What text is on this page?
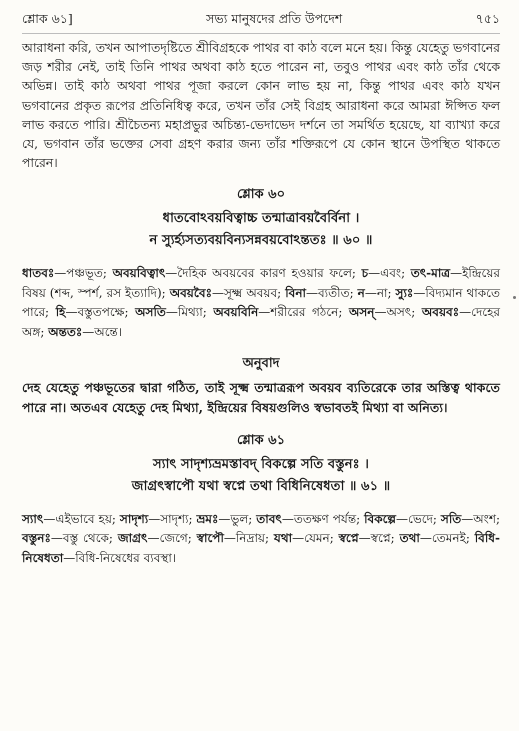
শ্লোক ৬১]	সভ্য মানুষদের প্রতি উপদেশ	৭৫১

আরাধনা করি, তখন আপাতদৃষ্টিতে শ্রীবিগ্রহকে পাথর বা কাঠ বলে মনে হয়। কিন্তু যেহেতু ভগবানের জড় শরীর নেই, তাই তিনি পাথর অথবা কাঠ হতে পারেন না, তবুও পাথর এবং কাঠ তাঁর থেকে অভিন্ন। তাই কাঠ অথবা পাথর পূজা করলে কোন লাভ হয় না, কিন্তু পাথর এবং কাঠ যখন ভগবানের প্রকৃত রূপের প্রতিনিধিত্ব করে, তখন তাঁর সেই বিগ্রহ আরাধনা করে আমরা ঈপ্সিত ফল লাভ করতে পারি। শ্রীচৈতন্য মহাপ্রভুর অচিন্ত্য-ভেদাভেদ দর্শনে তা সমর্থিত হয়েছে, যা ব্যাখ্যা করে যে, ভগবান তাঁর ভক্তের সেবা গ্রহণ করার জন্য তাঁর শক্তিরূপে যে কোন স্থানে উপস্থিত থাকতে পারেন।

শ্লোক ৬০
ধাতবোঽবয়বিত্বাচ্চ তন্মাত্রাবয়বৈর্বিনা ।
ন স্যুর্হ্যসত্যবয়বিন্যসন্নবয়বোঽন্ততঃ ॥ ৬০ ॥
ধাতবঃ—পঞ্চভূত; অবয়বিত্বাৎ—দৈহিক অবয়বের কারণ হওয়ার ফলে; চ—এবং; তৎ-মাত্র—ইন্দ্রিয়ের বিষয় (শব্দ, স্পর্শ, রস ইত্যাদি); অবয়বৈঃ—সূক্ষ্ম অবয়ব; বিনা—ব্যতীত; ন—না; স্যুঃ—বিদ্যমান থাকতে পারে; হি—বস্তুতপক্ষে; অসতি—মিথ্যা; অবয়বিনি—শরীরের গঠনে; অসন্—অসৎ; অবয়বঃ—দেহের অঙ্গ; অন্ততঃ—অন্তে।
অনুবাদ
দেহ যেহেতু পঞ্চভূতের দ্বারা গঠিত, তাই সূক্ষ্ম তন্মাত্ররূপ অবয়ব ব্যতিরেকে তার অস্তিত্ব থাকতে পারে না। অতএব যেহেতু দেহ মিথ্যা, ইন্দ্রিয়ের বিষয়গুলিও স্বভাবতই মিথ্যা বা অনিত্য।
শ্লোক ৬১
স্যাৎ সাদৃশ্যভ্রমস্তাবদ্ বিকল্পে সতি বস্তুনঃ ।
জাগ্রৎস্বাপৌ যথা স্বপ্নে তথা বিধিনিষেধতা ॥ ৬১ ॥
স্যাৎ—এইভাবে হয়; সাদৃশ্য—সাদৃশ্য; ভ্রমঃ—ভুল; তাবৎ—ততক্ষণ পর্যন্ত; বিকল্পে—ভেদে; সতি—অংশ; বস্তুনঃ—বস্তু থেকে; জাগ্রৎ—জেগে; স্বাপৌ—নিদ্রায়; যথা—যেমন; স্বপ্নে—স্বপ্নে; তথা—তেমনই; বিধি-নিষেধতা—বিধি-নিষেধের ব্যবস্থা।
